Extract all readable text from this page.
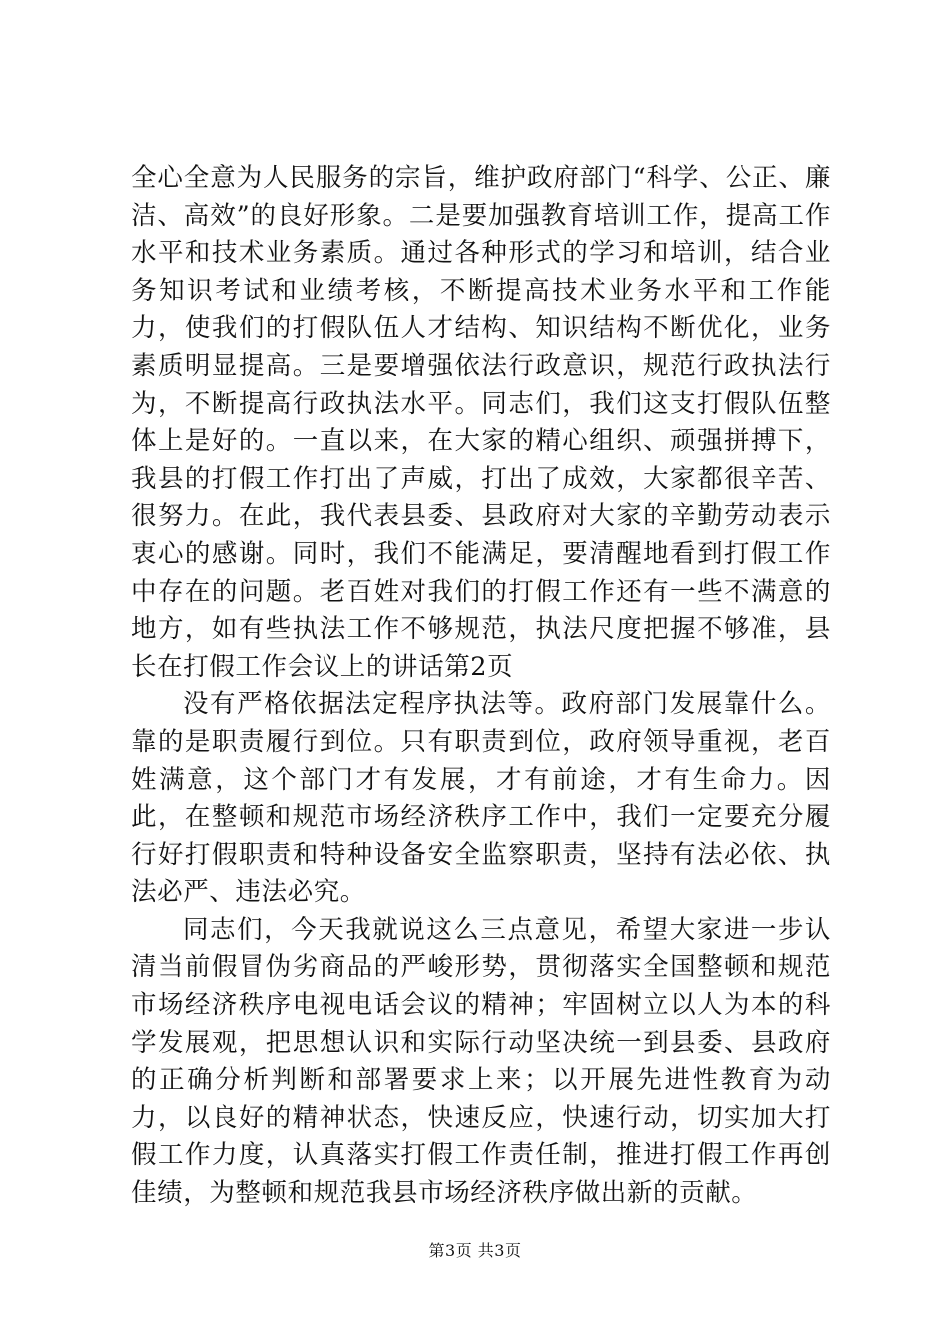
全心全意为人民服务的宗旨，维护政府部门“科学、公正、廉洁、高效”的良好形象。二是要加强教育培训工作，提高工作水平和技术业务素质。通过各种形式的学习和培训，结合业务知识考试和业绩考核，不断提高技术业务水平和工作能力，使我们的打假队伍人才结构、知识结构不断优化，业务素质明显提高。三是要增强依法行政意识，规范行政执法行为，不断提高行政执法水平。同志们，我们这支打假队伍整体上是好的。一直以来，在大家的精心组织、顽强拼搏下，我县的打假工作打出了声威，打出了成效，大家都很辛苦、很努力。在此，我代表县委、县政府对大家的辛勤劳动表示衷心的感谢。同时，我们不能满足，要清醒地看到打假工作中存在的问题。老百姓对我们的打假工作还有一些不满意的地方，如有些执法工作不够规范，执法尺度把握不够准，县长在打假工作会议上的讲话第2页

没有严格依据法定程序执法等。政府部门发展靠什么。靠的是职责履行到位。只有职责到位，政府领导重视，老百姓满意，这个部门才有发展，才有前途，才有生命力。因此，在整顿和规范市场经济秩序工作中，我们一定要充分履行好打假职责和特种设备安全监察职责，坚持有法必依、执法必严、违法必究。

同志们，今天我就说这么三点意见，希望大家进一步认清当前假冒伪劣商品的严峻形势，贯彻落实全国整顿和规范市场经济秩序电视电话会议的精神；牢固树立以人为本的科学发展观，把思想认识和实际行动坚决统一到县委、县政府的正确分析判断和部署要求上来；以开展先进性教育为动力，以良好的精神状态，快速反应，快速行动，切实加大打假工作力度，认真落实打假工作责任制，推进打假工作再创佳绩，为整顿和规范我县市场经济秩序做出新的贡献。

第3页 共3页
